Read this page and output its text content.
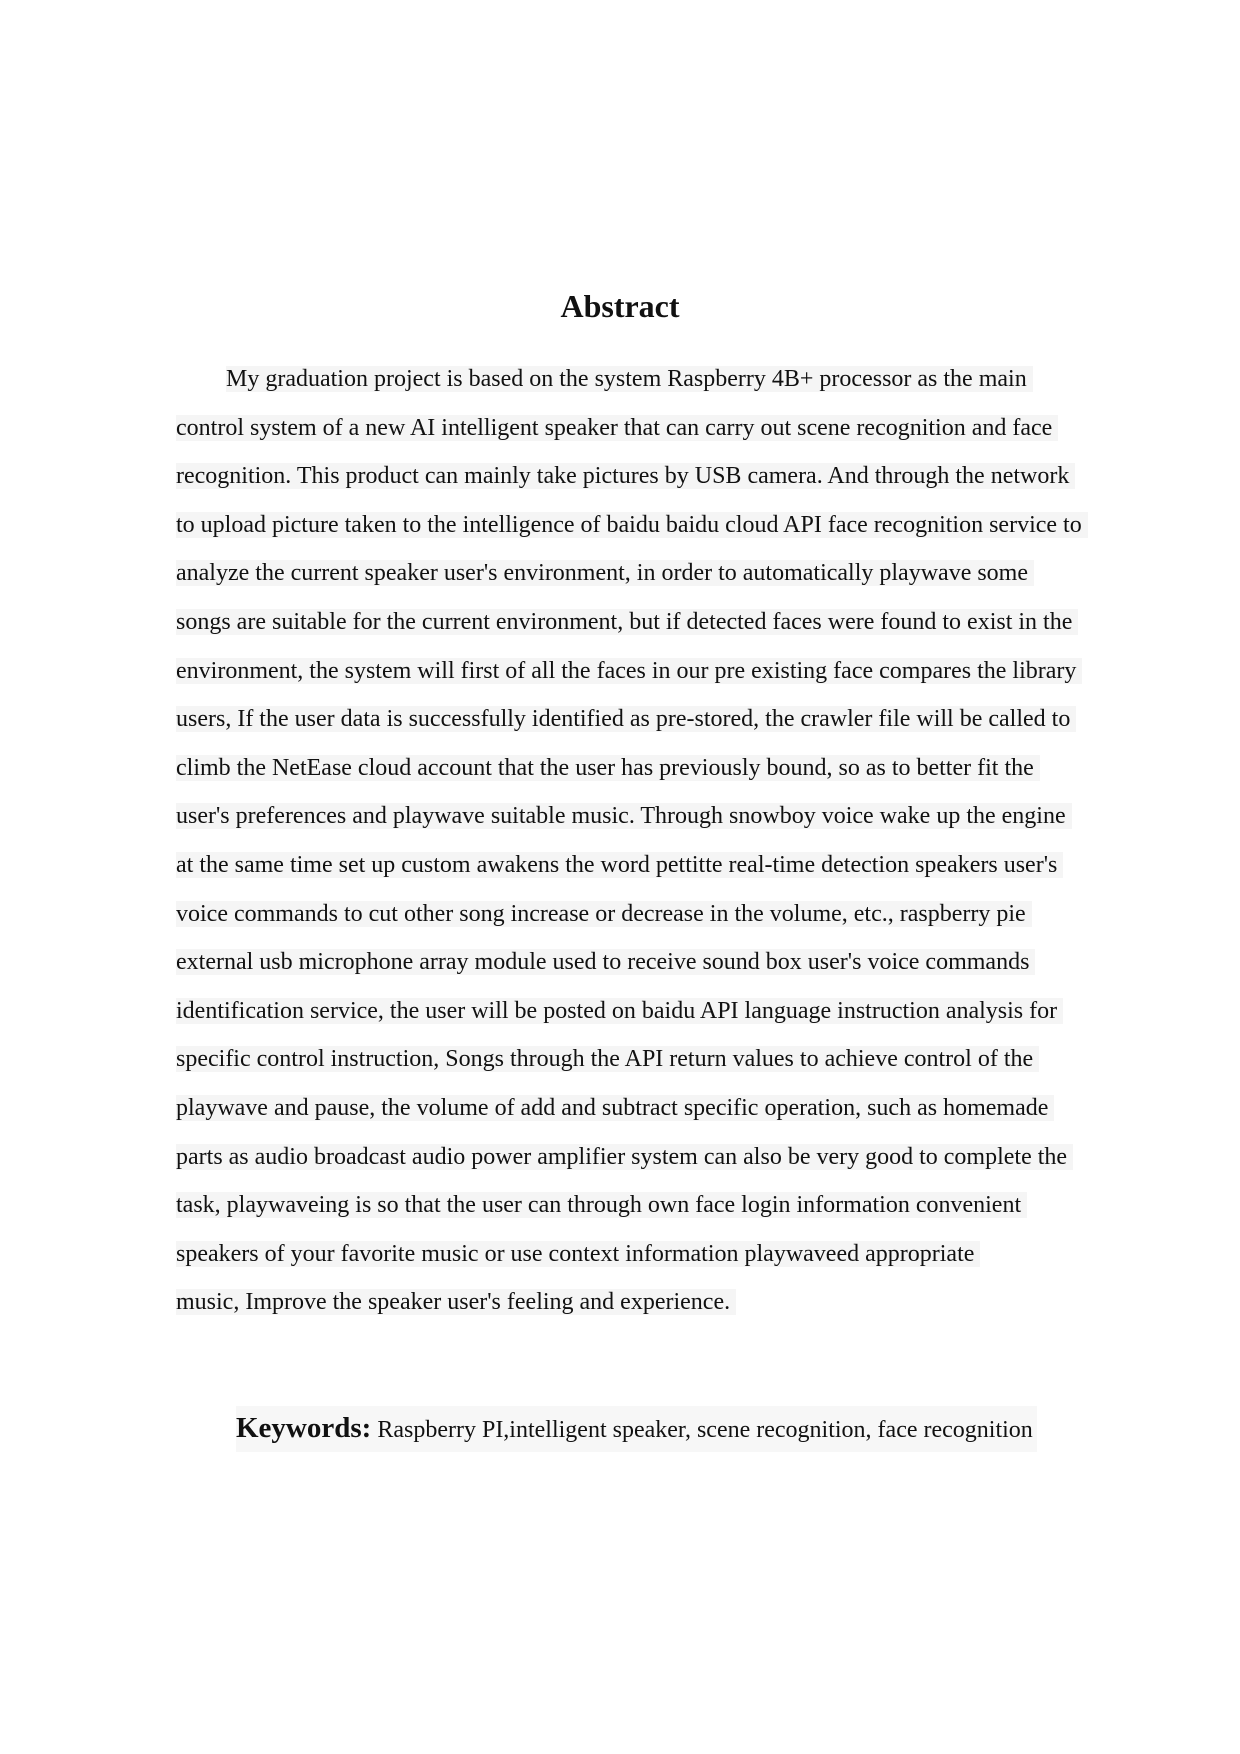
Abstract
My graduation project is based on the system Raspberry 4B+ processor as the main
control system of a new AI intelligent speaker that can carry out scene recognition and face
recognition. This product can mainly take pictures by USB camera. And through the network
to upload picture taken to the intelligence of baidu baidu cloud API face recognition service to
analyze the current speaker user's environment, in order to automatically playwave some
songs are suitable for the current environment, but if detected faces were found to exist in the
environment, the system will first of all the faces in our pre existing face compares the library
users, If the user data is successfully identified as pre-stored, the crawler file will be called to
climb the NetEase cloud account that the user has previously bound, so as to better fit the
user's preferences and playwave suitable music. Through snowboy voice wake up the engine
at the same time set up custom awakens the word pettitte real-time detection speakers user's
voice commands to cut other song increase or decrease in the volume, etc., raspberry pie
external usb microphone array module used to receive sound box user's voice commands
identification service, the user will be posted on baidu API language instruction analysis for
specific control instruction, Songs through the API return values to achieve control of the
playwave and pause, the volume of add and subtract specific operation, such as homemade
parts as audio broadcast audio power amplifier system can also be very good to complete the
task, playwaveing is so that the user can through own face login information convenient
speakers of your favorite music or use context information playwaveed appropriate
music, Improve the speaker user's feeling and experience.
Keywords: Raspberry PI,intelligent speaker, scene recognition, face recognition
